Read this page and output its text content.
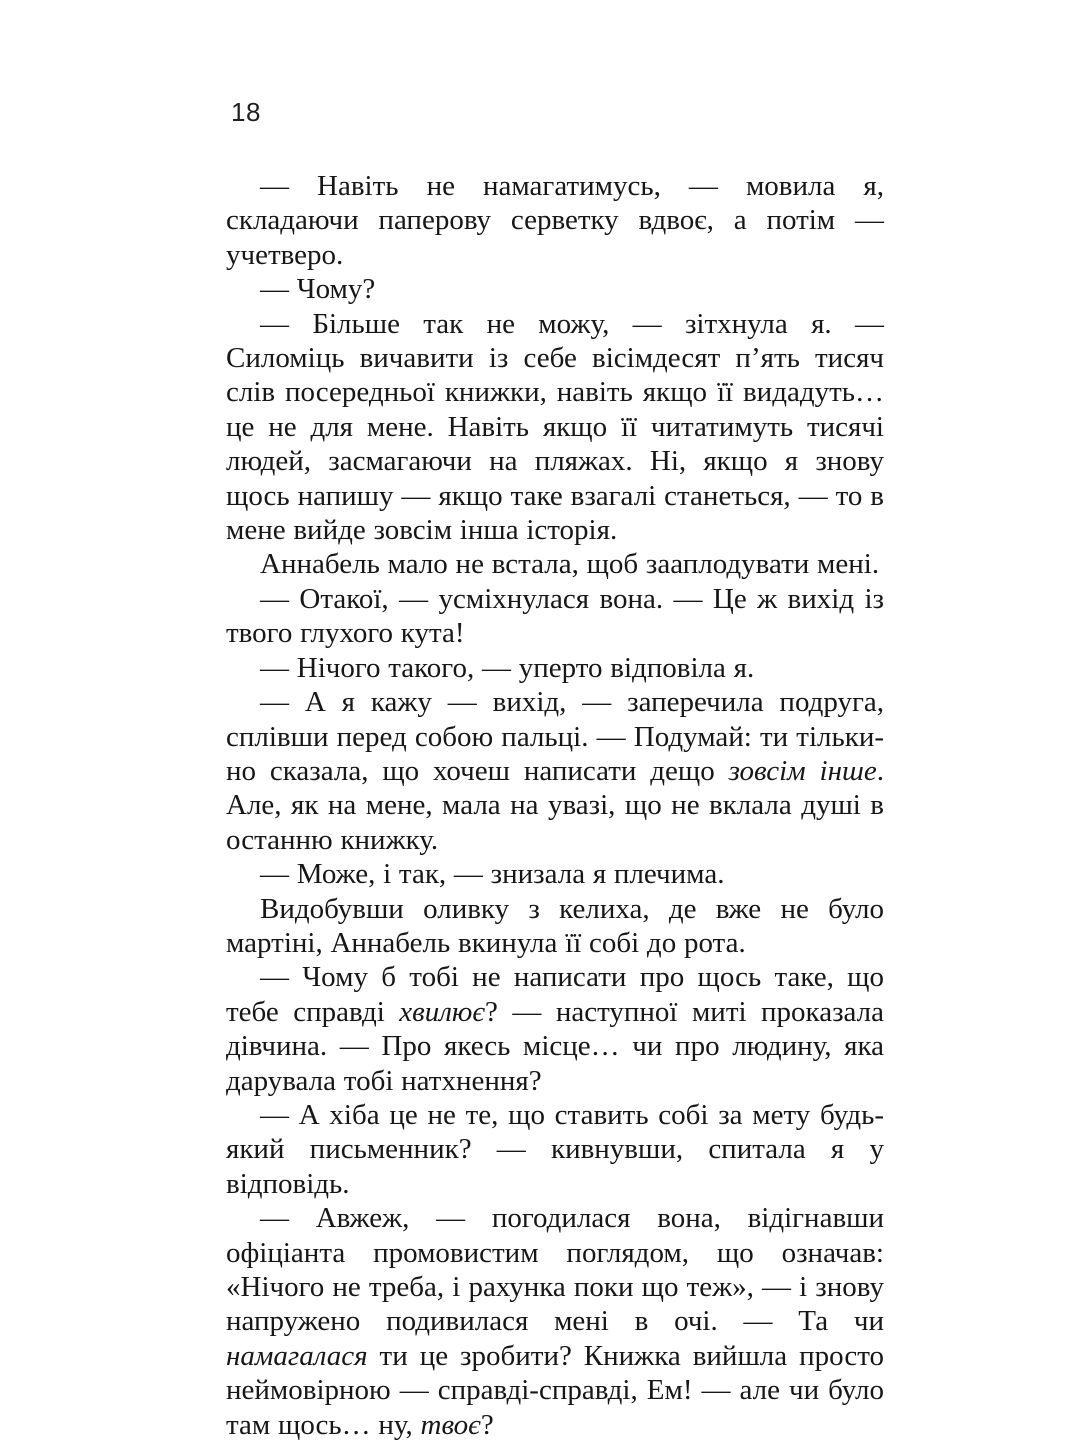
18

— Навіть не намагатимусь, — мовила я, складаючи паперову серветку вдвоє, а потім — учетверо.

— Чому?

— Більше так не можу, — зітхнула я. — Силоміць вичавити із себе вісімдесят п’ять тисяч слів посередньої книжки, навіть якщо її видадуть… це не для мене. Навіть якщо її читатимуть тисячі людей, засмагаючи на пляжах. Ні, якщо я знову щось напишу — якщо таке взагалі станеться, — то в мене вийде зовсім інша історія.

Аннабель мало не встала, щоб зааплодувати мені.

— Отакої, — усміхнулася вона. — Це ж вихід із твого глухого кута!

— Нічого такого, — уперто відповіла я.

— А я кажу — вихід, — заперечила подруга, сплівши перед собою пальці. — Подумай: ти тільки-но сказала, що хочеш написати дещо зовсім інше. Але, як на мене, мала на увазі, що не вклала душі в останню книжку.

— Може, і так, — знизала я плечима.

Видобувши оливку з келиха, де вже не було мартіні, Аннабель вкинула її собі до рота.

— Чому б тобі не написати про щось таке, що тебе справді хвилює? — наступної миті проказала дівчина. — Про якесь місце… чи про людину, яка дарувала тобі натхнення?

— А хіба це не те, що ставить собі за мету будь-який письменник? — кивнувши, спитала я у відповідь.

— Авжеж, — погодилася вона, відігнавши офіціанта промовистим поглядом, що означав: «Нічого не треба, і рахунка поки що теж», — і знову напружено подивилася мені в очі. — Та чи намагалася ти це зробити? Книжка вийшла просто неймовірною — справді-справді, Ем! — але чи було там щось… ну, твоє?
